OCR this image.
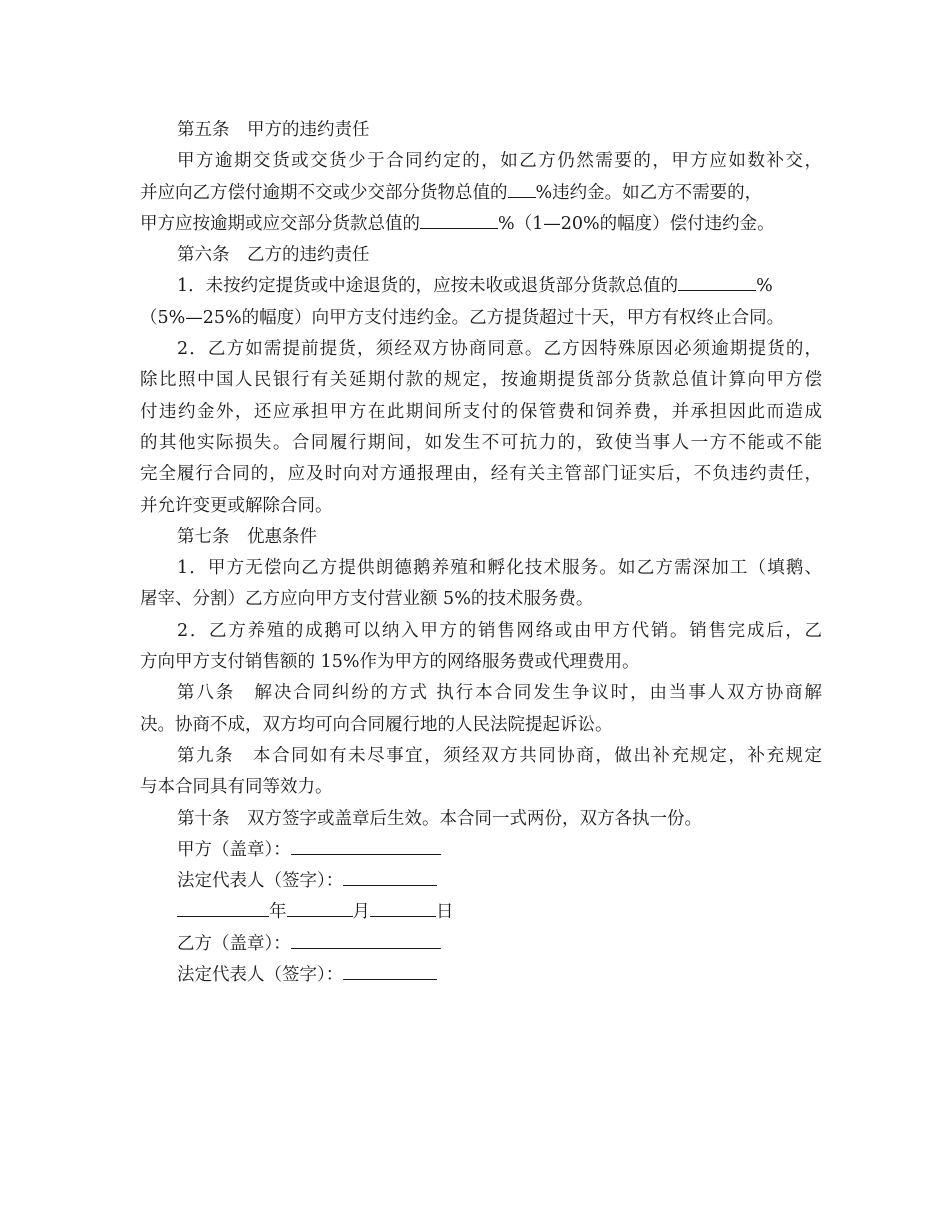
第五条　甲方的违约责任

甲方逾期交货或交货少于合同约定的，如乙方仍然需要的，甲方应如数补交，

并应向乙方偿付逾期不交或少交部分货物总值的 %违约金。如乙方不需要的，

甲方应按逾期或应交部分货款总值的	%（1—20%的幅度）偿付违约金。

第六条　乙方的违约责任

1．未按约定提货或中途退货的，应按未收或退货部分货款总值的	%

（5%—25%的幅度）向甲方支付违约金。乙方提货超过十天，甲方有权终止合同。

2．乙方如需提前提货，须经双方协商同意。乙方因特殊原因必须逾期提货的，

除比照中国人民银行有关延期付款的规定，按逾期提货部分货款总值计算向甲方偿

付违约金外，还应承担甲方在此期间所支付的保管费和饲养费，并承担因此而造成

的其他实际损失。合同履行期间，如发生不可抗力的，致使当事人一方不能或不能

完全履行合同的，应及时向对方通报理由，经有关主管部门证实后，不负违约责任，

并允许变更或解除合同。

第七条　优惠条件

1．甲方无偿向乙方提供朗德鹅养殖和孵化技术服务。如乙方需深加工（填鹅、

屠宰、分割）乙方应向甲方支付营业额 5%的技术服务费。

2．乙方养殖的成鹅可以纳入甲方的销售网络或由甲方代销。销售完成后，乙

方向甲方支付销售额的 15%作为甲方的网络服务费或代理费用。

第八条　解决合同纠纷的方式 执行本合同发生争议时，由当事人双方协商解

决。协商不成，双方均可向合同履行地的人民法院提起诉讼。

第九条　本合同如有未尽事宜，须经双方共同协商，做出补充规定，补充规定

与本合同具有同等效力。

第十条　双方签字或盖章后生效。本合同一式两份，双方各执一份。

甲方（盖章）：

法定代表人（签字）：

年	月	日

乙方（盖章）：

法定代表人（签字）：
